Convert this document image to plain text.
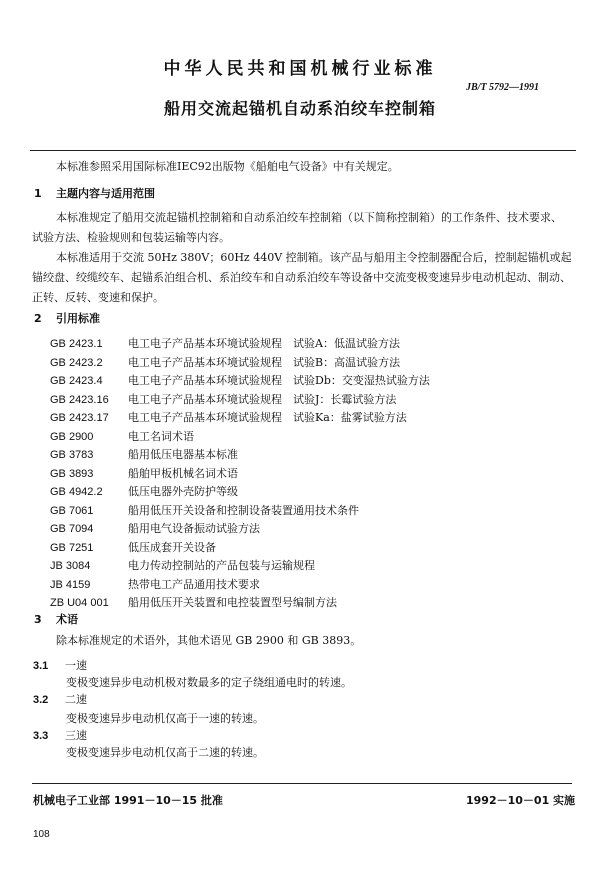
中华人民共和国机械行业标准
JB/T 5792—1991
船用交流起锚机自动系泊绞车控制箱
本标准参照采用国际标准IEC92出版物《船舶电气设备》中有关规定。
1 主题内容与适用范围
本标准规定了船用交流起锚机控制箱和自动系泊绞车控制箱（以下简称控制箱）的工作条件、技术要求、试验方法、检验规则和包装运输等内容。
本标准适用于交流 50Hz 380V；60Hz 440V 控制箱。该产品与船用主令控制器配合后，控制起锚机或起锚绞盘、绞缆绞车、起锚系泊组合机、系泊绞车和自动系泊绞车等设备中交流变极变速异步电动机起动、制动、正转、反转、变速和保护。
2 引用标准
GB 2423.1 电工电子产品基本环境试验规程　试验A：低温试验方法
GB 2423.2 电工电子产品基本环境试验规程　试验B：高温试验方法
GB 2423.4 电工电子产品基本环境试验规程　试验Db：交变湿热试验方法
GB 2423.16 电工电子产品基本环境试验规程　试验J：长霉试验方法
GB 2423.17 电工电子产品基本环境试验规程　试验Ka：盐雾试验方法
GB 2900	电工名词术语
GB 3783	船用低压电器基本标准
GB 3893	船舶甲板机械名词术语
GB 4942.2 低压电器外壳防护等级
GB 7061	船用低压开关设备和控制设备装置通用技术条件
GB 7094	船用电气设备振动试验方法
GB 7251	低压成套开关设备
JB 3084	电力传动控制站的产品包装与运输规程
JB 4159	热带电工产品通用技术要求
ZB U04 001 船用低压开关装置和电控装置型号编制方法
3 术语
除本标准规定的术语外，其他术语见 GB 2900 和 GB 3893。
3.1 一速
变极变速异步电动机极对数最多的定子绕组通电时的转速。
3.2 二速
变极变速异步电动机仅高于一速的转速。
3.3 三速
变极变速异步电动机仅高于二速的转速。
机械电子工业部 1991－10－15 批准	1992－10－01 实施
108
